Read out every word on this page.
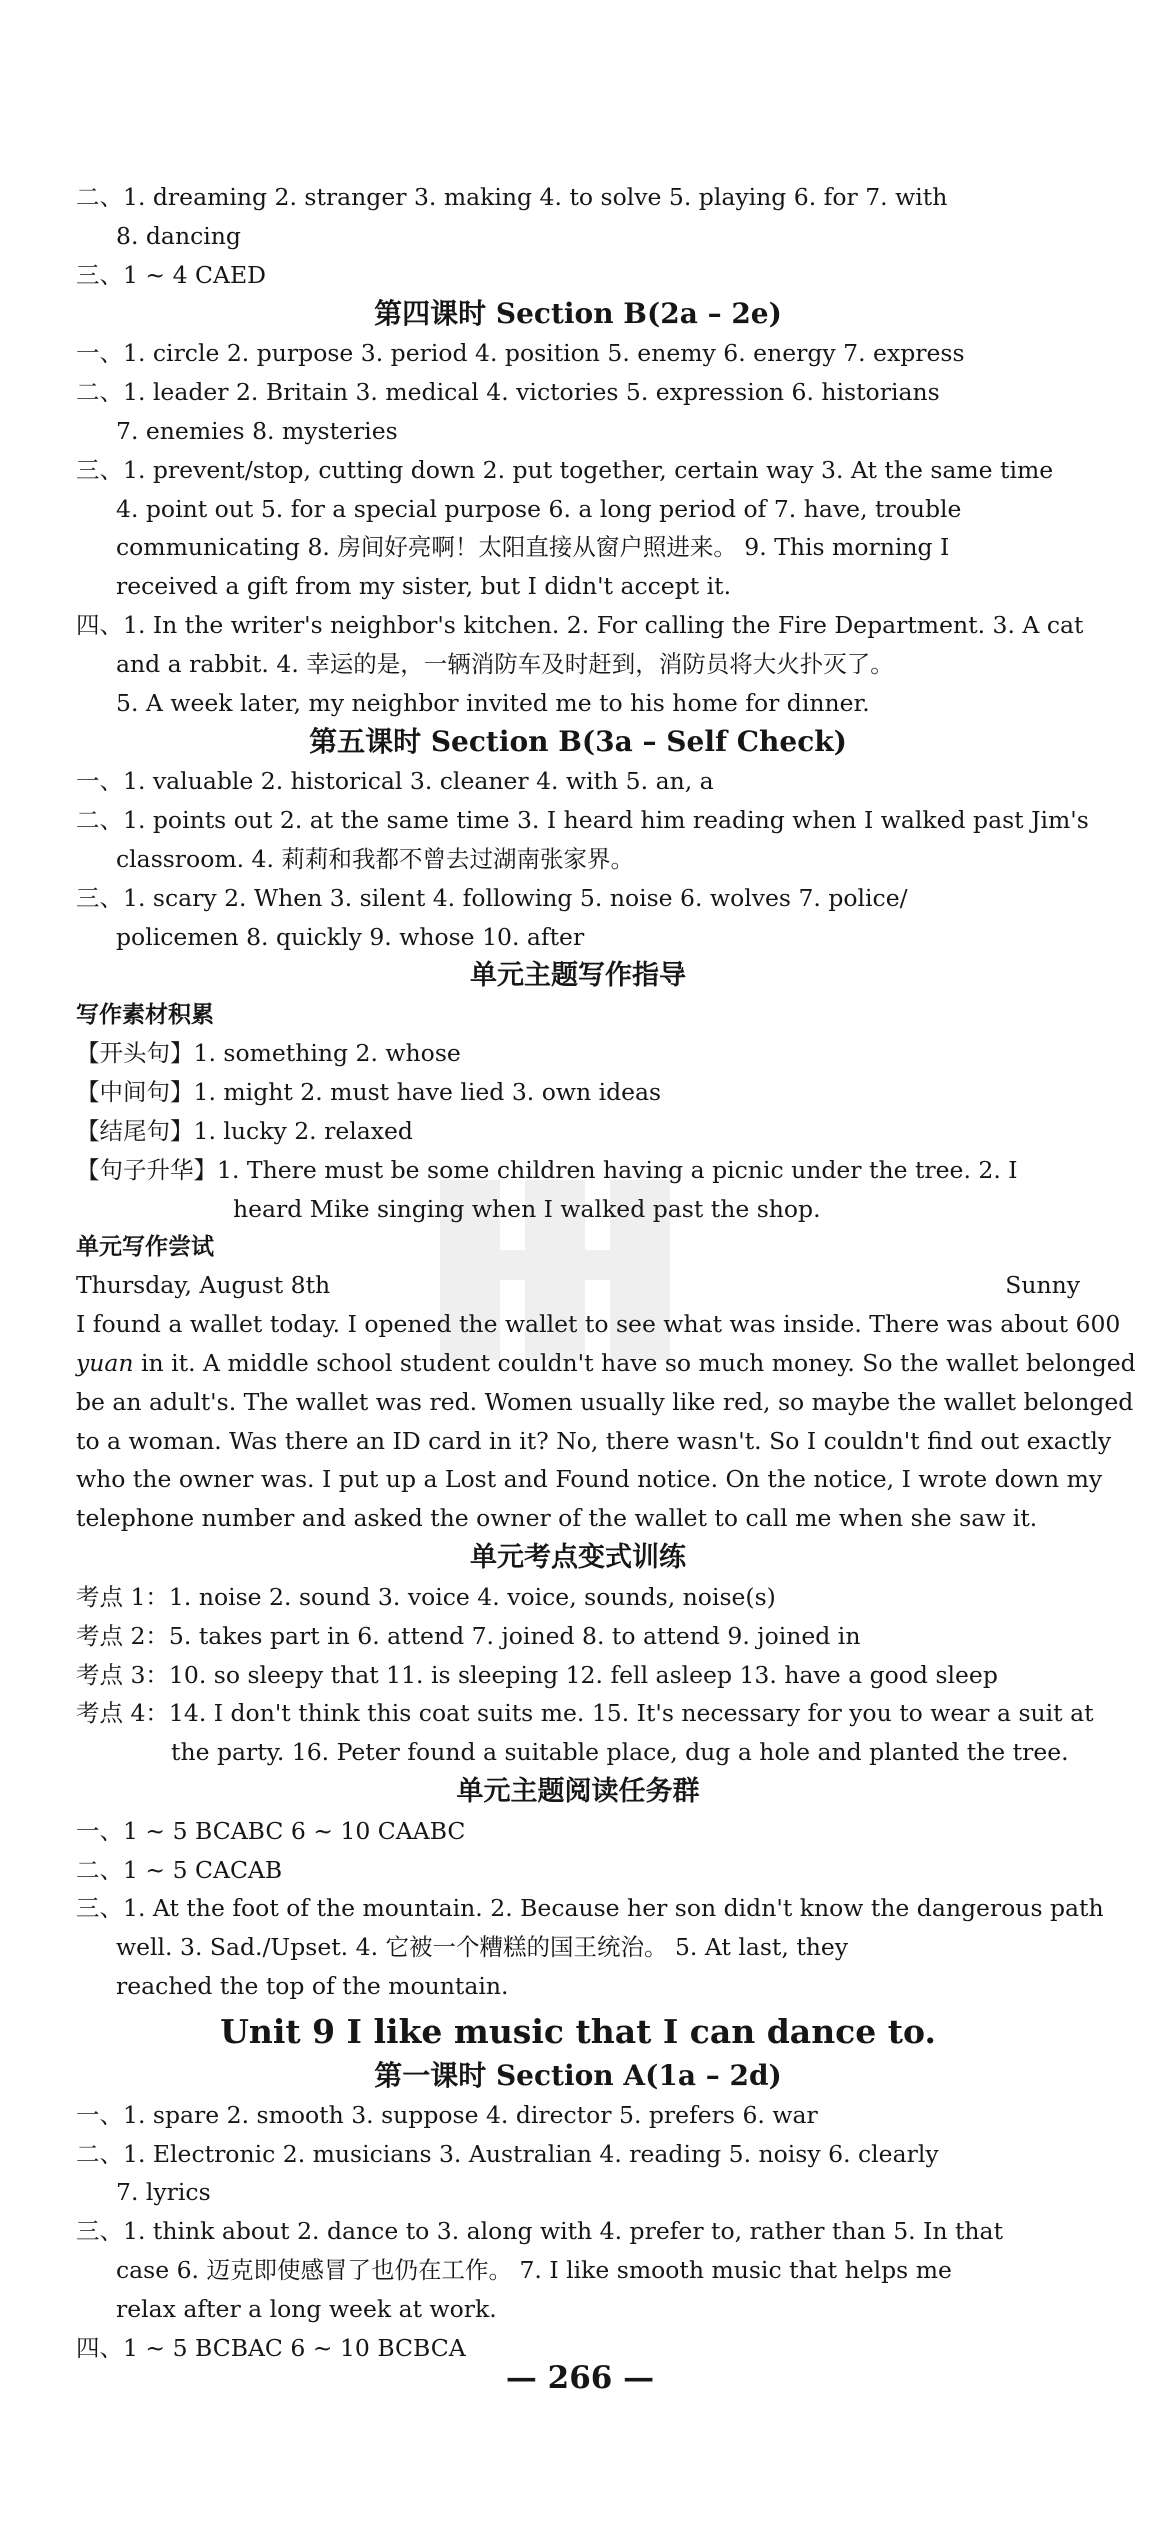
二、1. dreaming 2. stranger 3. making 4. to solve 5. playing 6. for 7. with
8. dancing
三、1 ~ 4 CAED
第四课时 Section B(2a – 2e)
一、1. circle 2. purpose 3. period 4. position 5. enemy 6. energy 7. express
二、1. leader 2. Britain 3. medical 4. victories 5. expression 6. historians
7. enemies 8. mysteries
三、1. prevent/stop, cutting down 2. put together, certain way 3. At the same time
4. point out 5. for a special purpose 6. a long period of 7. have, trouble
communicating 8. 房间好亮啊！太阳直接从窗户照进来。 9. This morning I
received a gift from my sister, but I didn't accept it.
四、1. In the writer's neighbor's kitchen. 2. For calling the Fire Department. 3. A cat
and a rabbit. 4. 幸运的是，一辆消防车及时赶到，消防员将大火扑灭了。
5. A week later, my neighbor invited me to his home for dinner.
第五课时 Section B(3a – Self Check)
一、1. valuable 2. historical 3. cleaner 4. with 5. an, a
二、1. points out 2. at the same time 3. I heard him reading when I walked past Jim's
classroom. 4. 莉莉和我都不曾去过湖南张家界。
三、1. scary 2. When 3. silent 4. following 5. noise 6. wolves 7. police/
policemen 8. quickly 9. whose 10. after
单元主题写作指导
写作素材积累
【开头句】1. something 2. whose
【中间句】1. might 2. must have lied 3. own ideas
【结尾句】1. lucky 2. relaxed
【句子升华】1. There must be some children having a picnic under the tree. 2. I
heard Mike singing when I walked past the shop.
单元写作尝试
Thursday, August 8th	Sunny
I found a wallet today. I opened the wallet to see what was inside. There was about 600
yuan in it. A middle school student couldn't have so much money. So the wallet belonged
be an adult's. The wallet was red. Women usually like red, so maybe the wallet belonged
to a woman. Was there an ID card in it? No, there wasn't. So I couldn't find out exactly
who the owner was. I put up a Lost and Found notice. On the notice, I wrote down my
telephone number and asked the owner of the wallet to call me when she saw it.
单元考点变式训练
考点 1：1. noise 2. sound 3. voice 4. voice, sounds, noise(s)
考点 2：5. takes part in 6. attend 7. joined 8. to attend 9. joined in
考点 3：10. so sleepy that 11. is sleeping 12. fell asleep 13. have a good sleep
考点 4：14. I don't think this coat suits me. 15. It's necessary for you to wear a suit at
the party. 16. Peter found a suitable place, dug a hole and planted the tree.
单元主题阅读任务群
一、1 ~ 5 BCABC 6 ~ 10 CAABC
二、1 ~ 5 CACAB
三、1. At the foot of the mountain. 2. Because her son didn't know the dangerous path
well. 3. Sad./Upset. 4. 它被一个糟糕的国王统治。 5. At last, they
reached the top of the mountain.
Unit 9 I like music that I can dance to.
第一课时 Section A(1a – 2d)
一、1. spare 2. smooth 3. suppose 4. director 5. prefers 6. war
二、1. Electronic 2. musicians 3. Australian 4. reading 5. noisy 6. clearly
7. lyrics
三、1. think about 2. dance to 3. along with 4. prefer to, rather than 5. In that
case 6. 迈克即使感冒了也仍在工作。 7. I like smooth music that helps me
relax after a long week at work.
四、1 ~ 5 BCBAC 6 ~ 10 BCBCA
— 266 —
